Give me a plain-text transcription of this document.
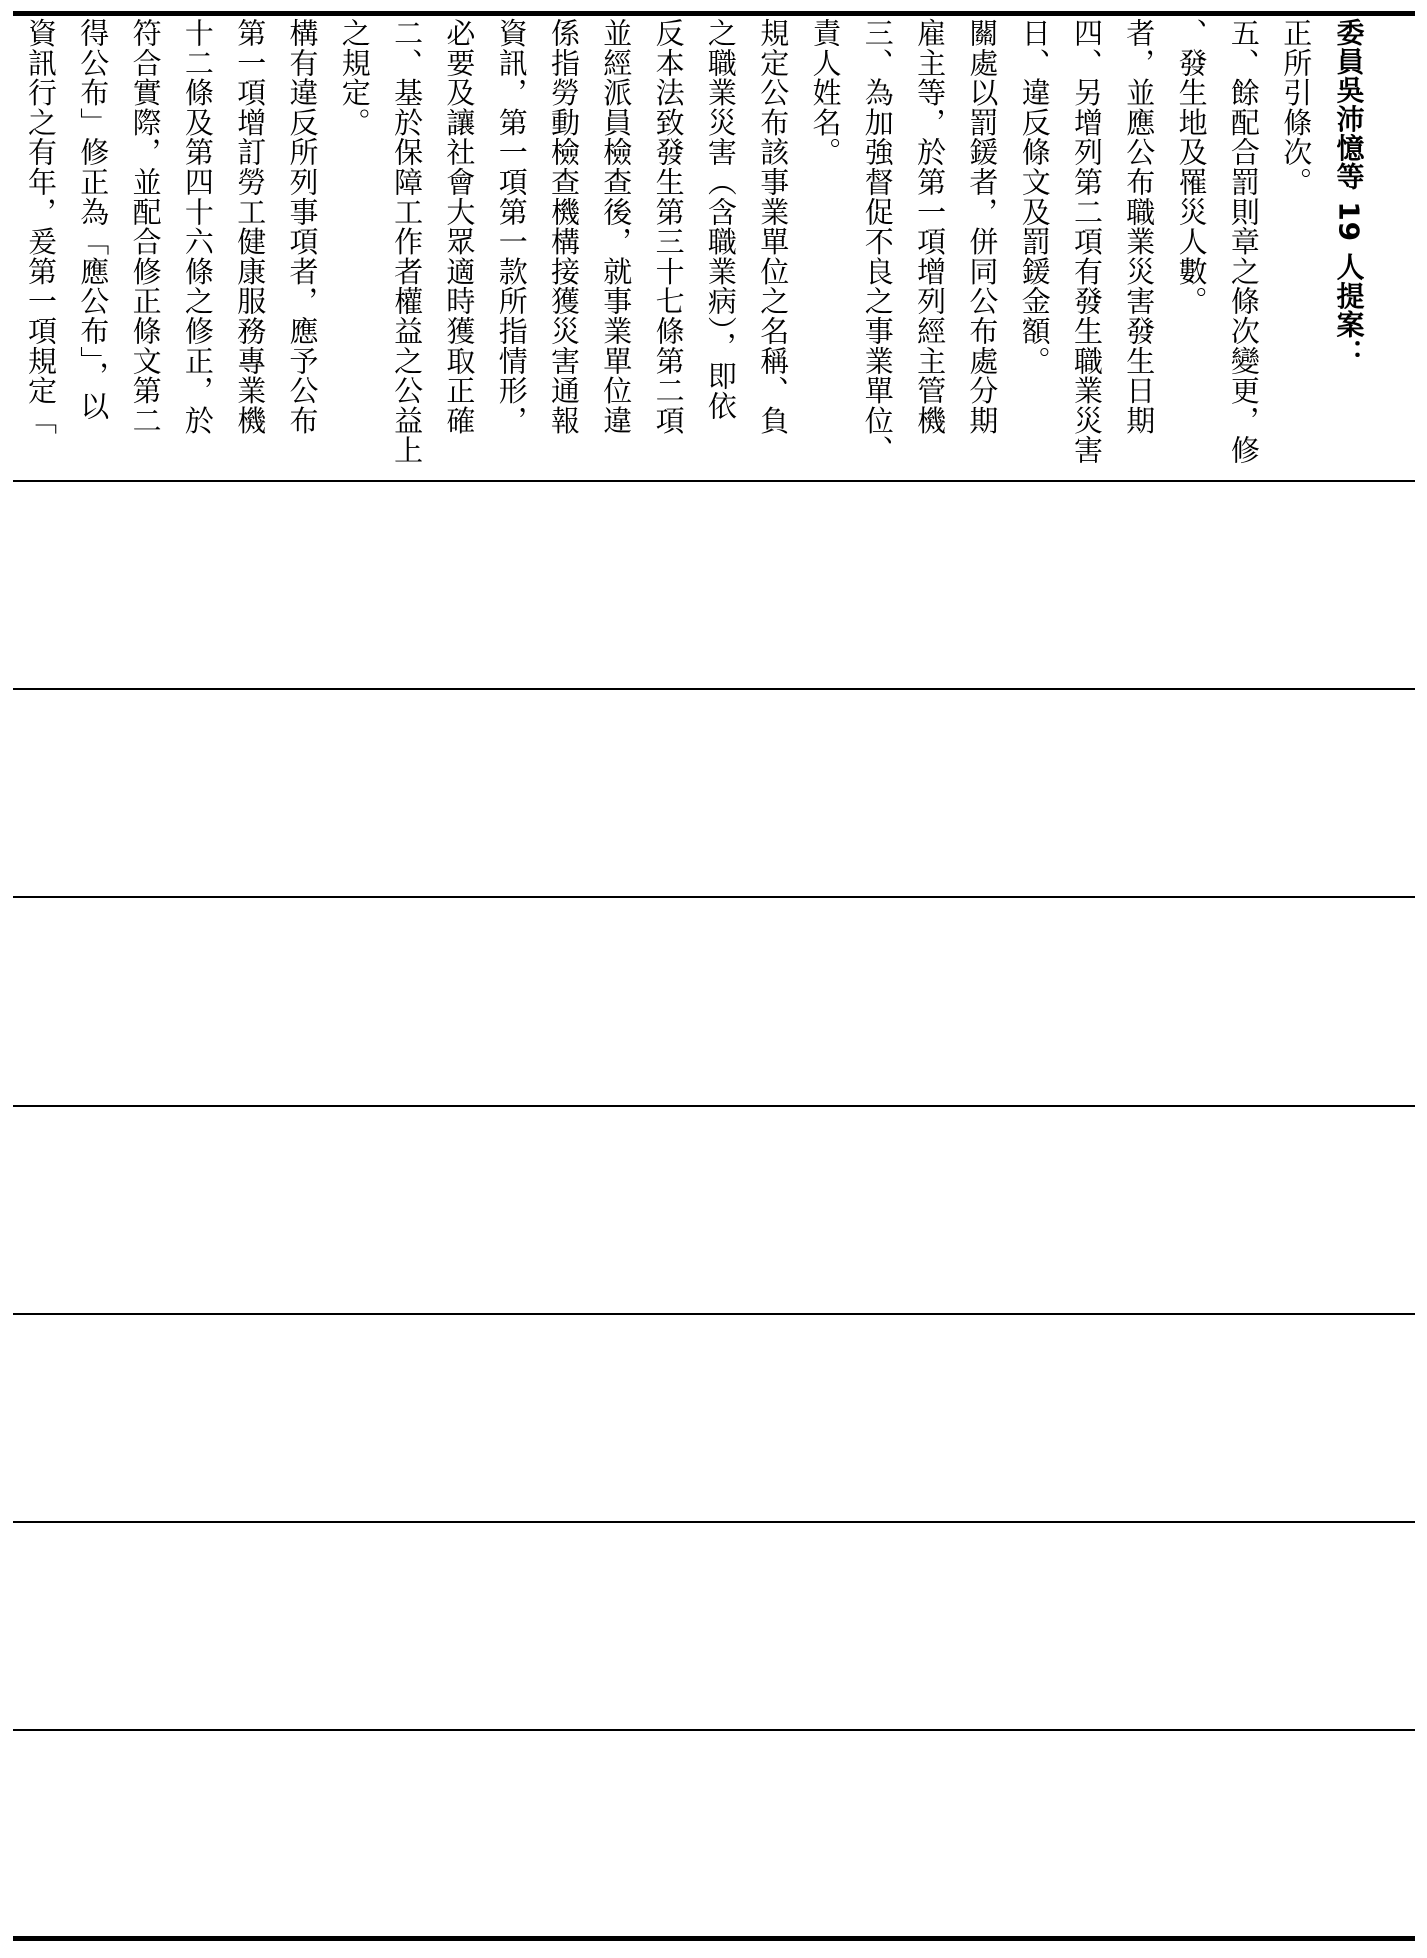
資訊行之有年，爰第一項規定「 得公布」修正為「應公布」，以 符合實際，並配合修正條文第二 十二條及第四十六條之修正，於 第一項增訂勞工健康服務專業機 構有違反所列事項者，應予公布 之規定。 二、基於保障工作者權益之公益上 必要及讓社會大眾適時獲取正確 資訊，第一項第一款所指情形， 係指勞動檢查機構接獲災害通報 並經派員檢查後，就事業單位違 反本法致發生第三十七條第二項 之職業災害（含職業病），即依 規定公布該事業單位之名稱、負 責人姓名。 三、為加強督促不良之事業單位、 雇主等，於第一項增列經主管機 關處以罰鍰者，併同公布處分期 日、違反條文及罰鍰金額。 四、另增列第二項有發生職業災害 者，並應公布職業災害發生日期 、發生地及罹災人數。 五、餘配合罰則章之條次變更，修 正所引條次。 委員吳沛憶等 19 人提案：
